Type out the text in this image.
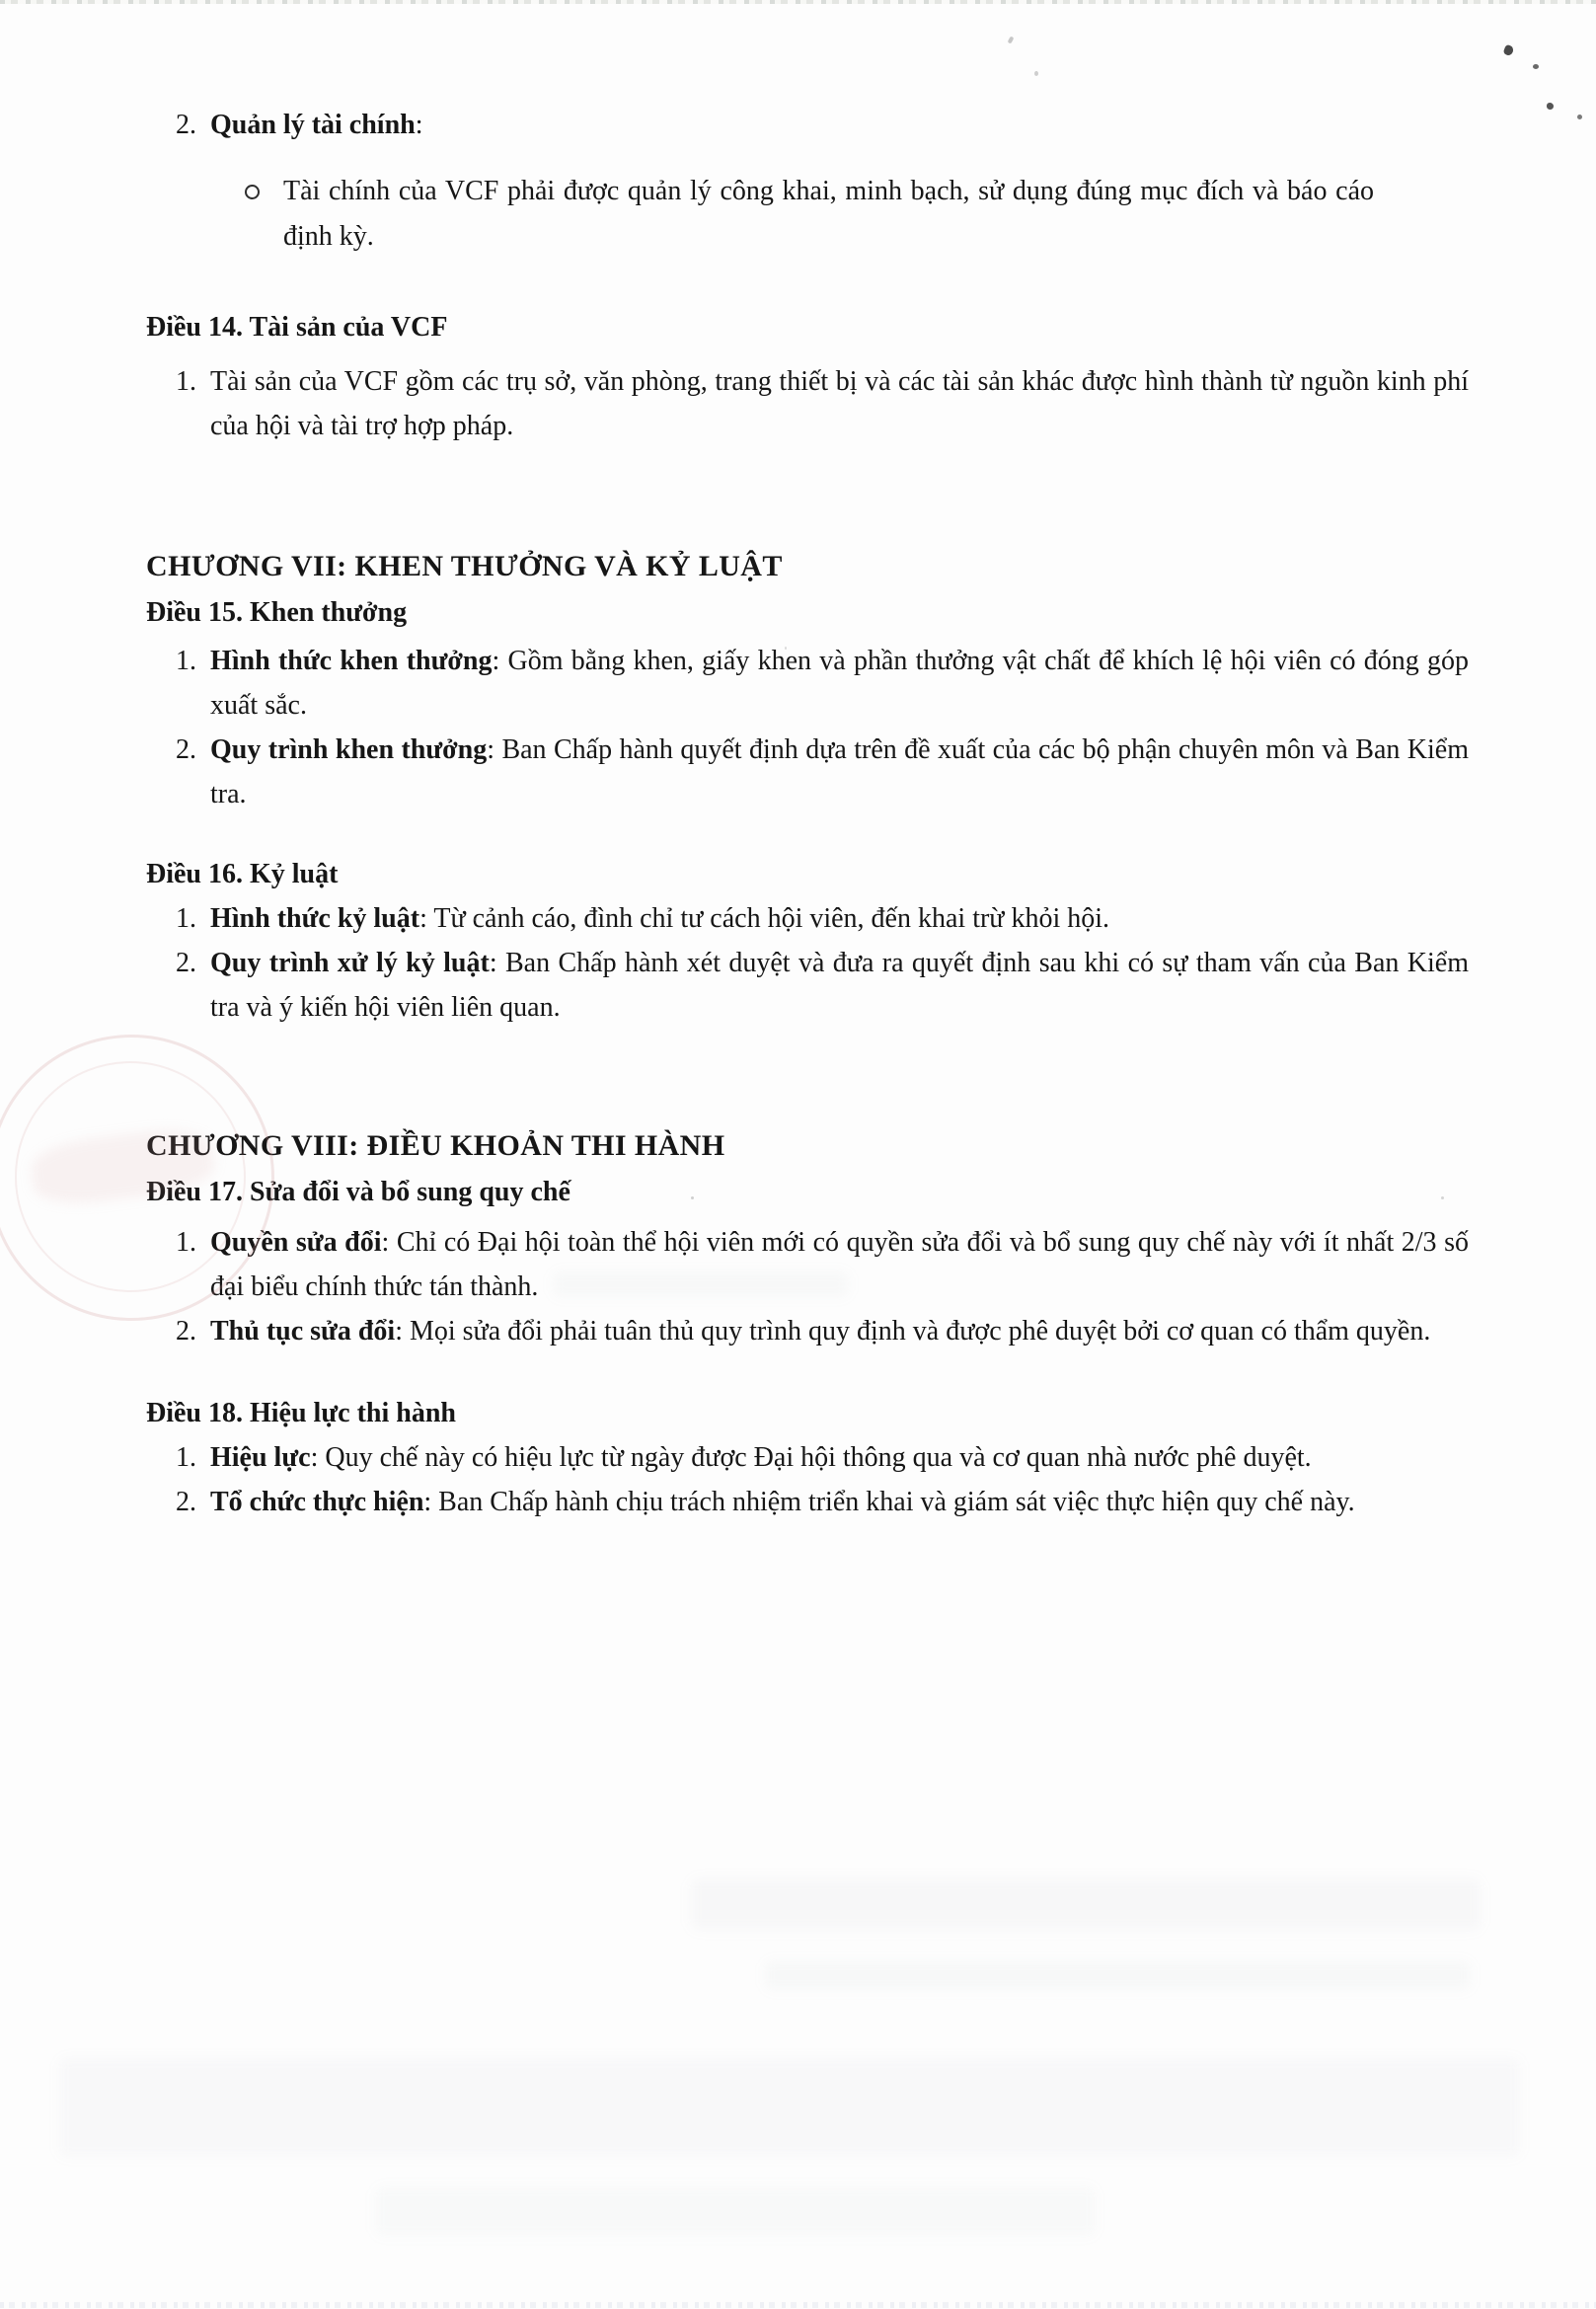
2. Quản lý tài chính:
Tài chính của VCF phải được quản lý công khai, minh bạch, sử dụng đúng mục đích và báo cáo định kỳ.
Điều 14. Tài sản của VCF
1. Tài sản của VCF gồm các trụ sở, văn phòng, trang thiết bị và các tài sản khác được hình thành từ nguồn kinh phí của hội và tài trợ hợp pháp.
CHƯƠNG VII: KHEN THƯỞNG VÀ KỶ LUẬT
Điều 15. Khen thưởng
1. Hình thức khen thưởng: Gồm bằng khen, giấy khen và phần thưởng vật chất để khích lệ hội viên có đóng góp xuất sắc.
2. Quy trình khen thưởng: Ban Chấp hành quyết định dựa trên đề xuất của các bộ phận chuyên môn và Ban Kiểm tra.
Điều 16. Kỷ luật
1. Hình thức kỷ luật: Từ cảnh cáo, đình chỉ tư cách hội viên, đến khai trừ khỏi hội.
2. Quy trình xử lý kỷ luật: Ban Chấp hành xét duyệt và đưa ra quyết định sau khi có sự tham vấn của Ban Kiểm tra và ý kiến hội viên liên quan.
CHƯƠNG VIII: ĐIỀU KHOẢN THI HÀNH
Điều 17. Sửa đổi và bổ sung quy chế
1. Quyền sửa đổi: Chỉ có Đại hội toàn thể hội viên mới có quyền sửa đổi và bổ sung quy chế này với ít nhất 2/3 số đại biểu chính thức tán thành.
2. Thủ tục sửa đổi: Mọi sửa đổi phải tuân thủ quy trình quy định và được phê duyệt bởi cơ quan có thẩm quyền.
Điều 18. Hiệu lực thi hành
1. Hiệu lực: Quy chế này có hiệu lực từ ngày được Đại hội thông qua và cơ quan nhà nước phê duyệt.
2. Tổ chức thực hiện: Ban Chấp hành chịu trách nhiệm triển khai và giám sát việc thực hiện quy chế này.
